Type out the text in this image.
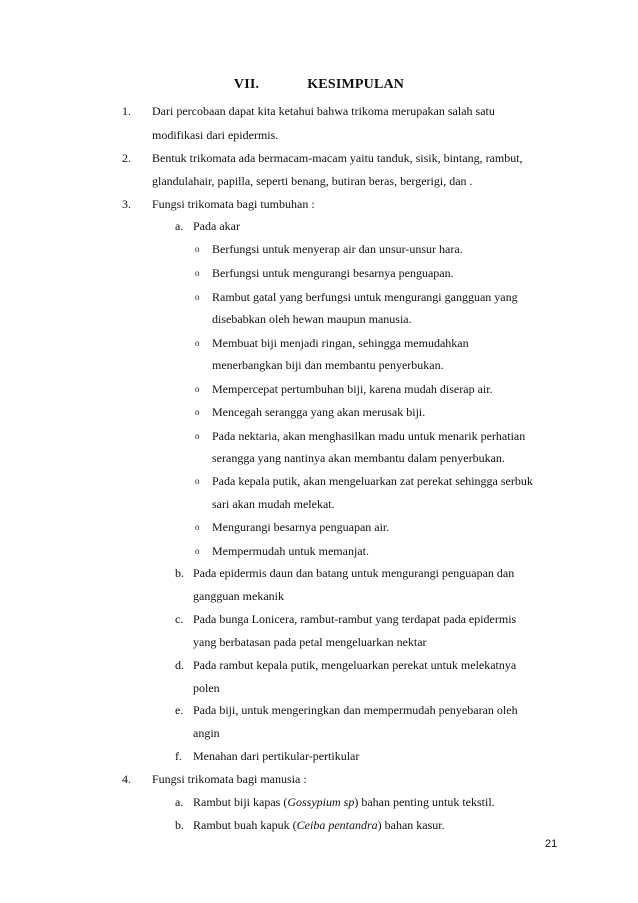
VII.	KESIMPULAN
1. Dari percobaan dapat kita ketahui bahwa trikoma merupakan salah satu
modifikasi dari epidermis.
2. Bentuk trikomata ada bermacam-macam yaitu tanduk, sisik, bintang, rambut,
glandulahair, papilla, seperti benang, butiran beras, bergerigi, dan .
3. Fungsi trikomata bagi tumbuhan :
a. Pada akar
o Berfungsi untuk menyerap air dan unsur-unsur hara.
o Berfungsi untuk mengurangi besarnya penguapan.
o Rambut gatal yang berfungsi untuk mengurangi gangguan yang
disebabkan oleh hewan maupun manusia.
o Membuat biji menjadi ringan, sehingga memudahkan
menerbangkan biji dan membantu penyerbukan.
o Mempercepat pertumbuhan biji, karena mudah diserap air.
o Mencegah serangga yang akan merusak biji.
o Pada nektaria, akan menghasilkan madu untuk menarik perhatian
serangga yang nantinya akan membantu dalam penyerbukan.
o Pada kepala putik, akan mengeluarkan zat perekat sehingga serbuk
sari akan mudah melekat.
o Mengurangi besarnya penguapan air.
o Mempermudah untuk memanjat.
b. Pada epidermis daun dan batang untuk mengurangi penguapan dan
gangguan mekanik
c. Pada bunga Lonicera, rambut-rambut yang terdapat pada epidermis
yang berbatasan pada petal mengeluarkan nektar
d. Pada rambut kepala putik, mengeluarkan perekat untuk melekatnya
polen
e. Pada biji, untuk mengeringkan dan mempermudah penyebaran oleh
angin
f. Menahan dari pertikular-pertikular
4. Fungsi trikomata bagi manusia :
a. Rambut biji kapas (Gossypium sp) bahan penting untuk tekstil.
b. Rambut buah kapuk (Ceiba pentandra) bahan kasur.
21
